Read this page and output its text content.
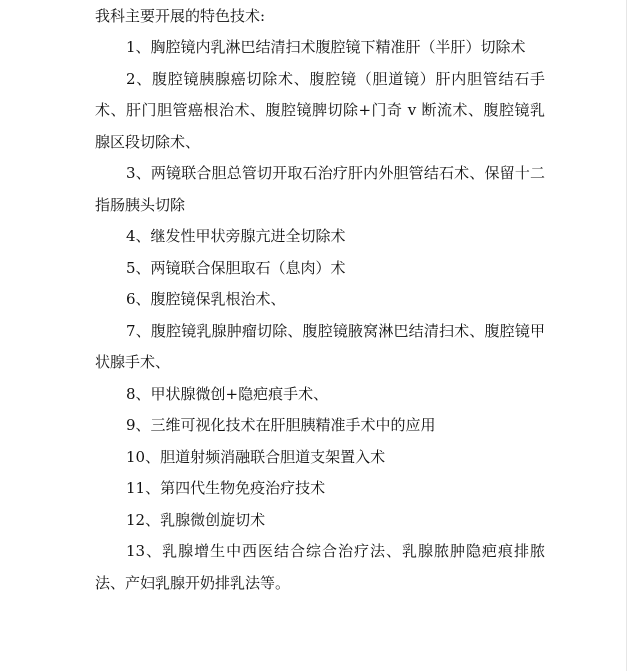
我科主要开展的特色技术:

1、胸腔镜内乳淋巴结清扫术腹腔镜下精准肝（半肝）切除术
2、腹腔镜胰腺癌切除术、腹腔镜（胆道镜）肝内胆管结石手术、肝门胆管癌根治术、腹腔镜脾切除+门奇 v 断流术、腹腔镜乳腺区段切除术、
3、两镜联合胆总管切开取石治疗肝内外胆管结石术、保留十二指肠胰头切除
4、继发性甲状旁腺亢进全切除术
5、两镜联合保胆取石（息肉）术
6、腹腔镜保乳根治术、
7、腹腔镜乳腺肿瘤切除、腹腔镜腋窝淋巴结清扫术、腹腔镜甲状腺手术、
8、甲状腺微创+隐疤痕手术、
9、三维可视化技术在肝胆胰精准手术中的应用
10、胆道射频消融联合胆道支架置入术
11、第四代生物免疫治疗技术
12、乳腺微创旋切术
13、乳腺增生中西医结合综合治疗法、乳腺脓肿隐疤痕排脓法、产妇乳腺开奶排乳法等。
